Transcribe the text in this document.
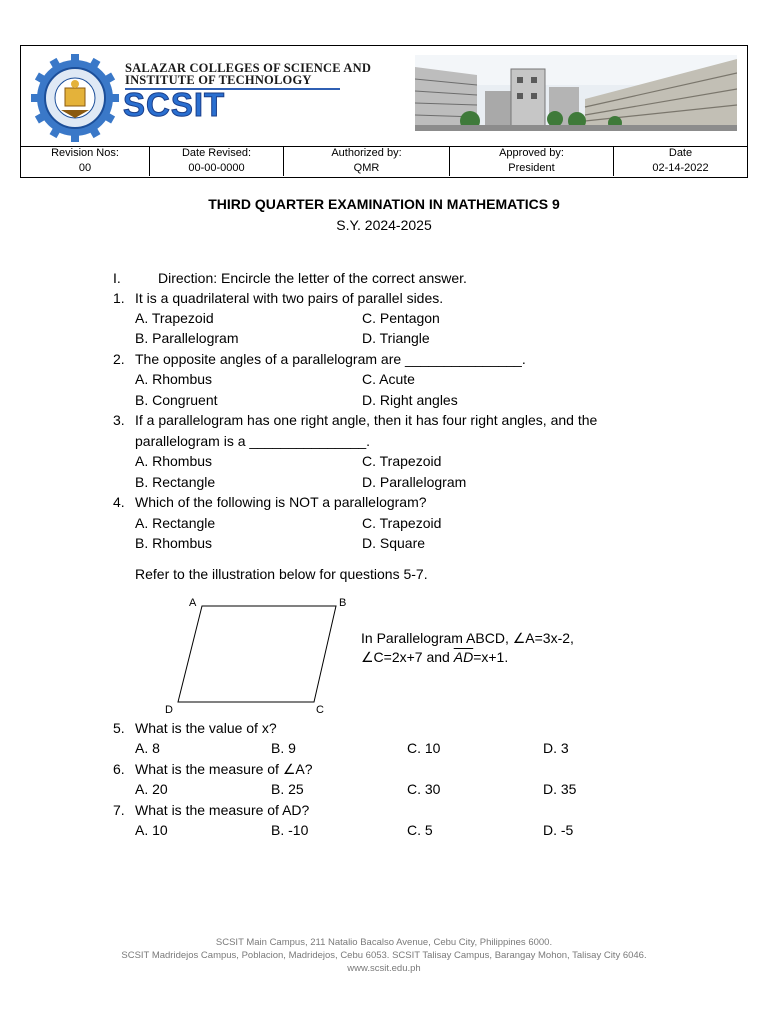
SALAZAR COLLEGES OF SCIENCE AND
INSTITUTE OF TECHNOLOGY
SCSIT
Revision Nos:	Date Revised:	Authorized by:	Approved by:	Date
00	00-00-0000	QMR	President	02-14-2022
THIRD QUARTER EXAMINATION IN MATHEMATICS 9
S.Y. 2024-2025
I.	Direction: Encircle the letter of the correct answer.
1. It is a quadrilateral with two pairs of parallel sides.
A. Trapezoid	C. Pentagon
B. Parallelogram	D. Triangle
2. The opposite angles of a parallelogram are _______________.
A. Rhombus	C. Acute
B. Congruent	D. Right angles
3. If a parallelogram has one right angle, then it has four right angles, and the
parallelogram is a _______________.
A. Rhombus	C. Trapezoid
B. Rectangle	D. Parallelogram
4. Which of the following is NOT a parallelogram?
A. Rectangle	C. Trapezoid
B. Rhombus	D. Square
Refer to the illustration below for questions 5-7.
A	B
C
D
In Parallelogram ABCD, ∠A=3x-2,
∠C=2x+7 and $\overline{AD}=x+1$.
5. What is the value of x?
A. 8	B. 9	C. 10	D. 3
6. What is the measure of ∠A?
A. 20	B. 25	C. 30	D. 35
7. What is the measure of AD?
A. 10	B. -10	C. 5	D. -5
SCSIT Main Campus, 211 Natalio Bacalso Avenue, Cebu City, Philippines 6000.
SCSIT Madridejos Campus, Poblacion, Madridejos, Cebu 6053. SCSIT Talisay Campus, Barangay Mohon, Talisay City 6046.
www.scsit.edu.ph
